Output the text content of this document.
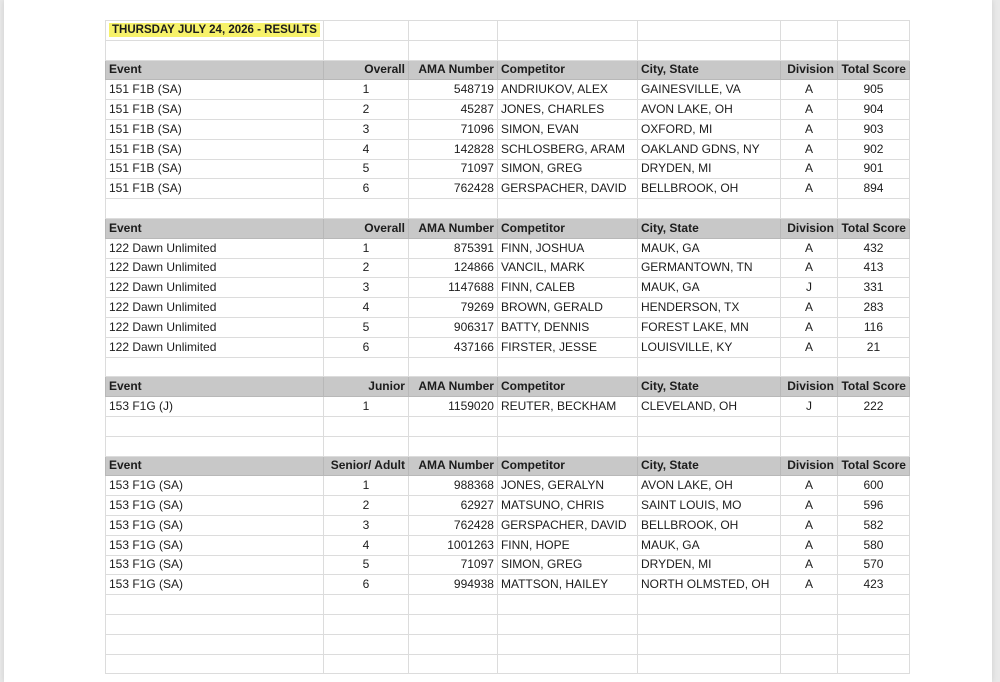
THURSDAY JULY 24, 2026 - RESULTS						

Event	Overall	AMA Number	Competitor	City, State	Division	Total Score
151 F1B (SA)	1	548719	ANDRIUKOV, ALEX	GAINESVILLE, VA	A	905
151 F1B (SA)	2	45287	JONES, CHARLES	AVON LAKE, OH	A	904
151 F1B (SA)	3	71096	SIMON, EVAN	OXFORD, MI	A	903
151 F1B (SA)	4	142828	SCHLOSBERG, ARAM	OAKLAND GDNS, NY	A	902
151 F1B (SA)	5	71097	SIMON, GREG	DRYDEN, MI	A	901
151 F1B (SA)	6	762428	GERSPACHER, DAVID	BELLBROOK, OH	A	894

Event	Overall	AMA Number	Competitor	City, State	Division	Total Score
122 Dawn Unlimited	1	875391	FINN, JOSHUA	MAUK, GA	A	432
122 Dawn Unlimited	2	124866	VANCIL, MARK	GERMANTOWN, TN	A	413
122 Dawn Unlimited	3	1147688	FINN, CALEB	MAUK, GA	J	331
122 Dawn Unlimited	4	79269	BROWN, GERALD	HENDERSON, TX	A	283
122 Dawn Unlimited	5	906317	BATTY, DENNIS	FOREST LAKE, MN	A	116
122 Dawn Unlimited	6	437166	FIRSTER, JESSE	LOUISVILLE, KY	A	21

Event	Junior	AMA Number	Competitor	City, State	Division	Total Score
153 F1G (J)	1	1159020	REUTER, BECKHAM	CLEVELAND, OH	J	222

Event	Senior/ Adult	AMA Number	Competitor	City, State	Division	Total Score
153 F1G (SA)	1	988368	JONES, GERALYN	AVON LAKE, OH	A	600
153 F1G (SA)	2	62927	MATSUNO, CHRIS	SAINT LOUIS, MO	A	596
153 F1G (SA)	3	762428	GERSPACHER, DAVID	BELLBROOK, OH	A	582
153 F1G (SA)	4	1001263	FINN, HOPE	MAUK, GA	A	580
153 F1G (SA)	5	71097	SIMON, GREG	DRYDEN, MI	A	570
153 F1G (SA)	6	994938	MATTSON, HAILEY	NORTH OLMSTED, OH	A	423
